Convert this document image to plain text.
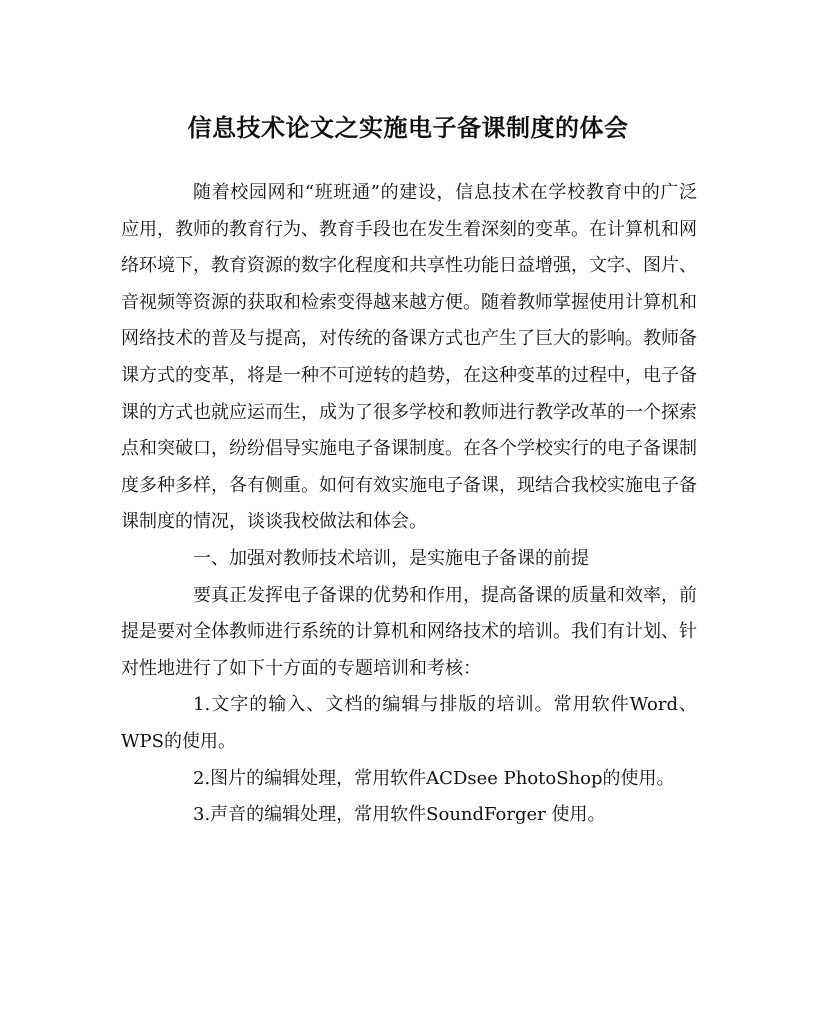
信息技术论文之实施电子备课制度的体会

随着校园网和“班班通”的建设，信息技术在学校教育中的广泛应用，教师的教育行为、教育手段也在发生着深刻的变革。在计算机和网络环境下，教育资源的数字化程度和共享性功能日益增强，文字、图片、音视频等资源的获取和检索变得越来越方便。随着教师掌握使用计算机和网络技术的普及与提高，对传统的备课方式也产生了巨大的影响。教师备课方式的变革，将是一种不可逆转的趋势，在这种变革的过程中，电子备课的方式也就应运而生，成为了很多学校和教师进行教学改革的一个探索点和突破口，纷纷倡导实施电子备课制度。在各个学校实行的电子备课制度多种多样，各有侧重。如何有效实施电子备课，现结合我校实施电子备课制度的情况，谈谈我校做法和体会。

一、加强对教师技术培训，是实施电子备课的前提

要真正发挥电子备课的优势和作用，提高备课的质量和效率，前提是要对全体教师进行系统的计算机和网络技术的培训。我们有计划、针对性地进行了如下十方面的专题培训和考核：

1.文字的输入、文档的编辑与排版的培训。常用软件Word、WPS的使用。

2.图片的编辑处理，常用软件ACDsee PhotoShop的使用。

3.声音的编辑处理，常用软件SoundForger 使用。
